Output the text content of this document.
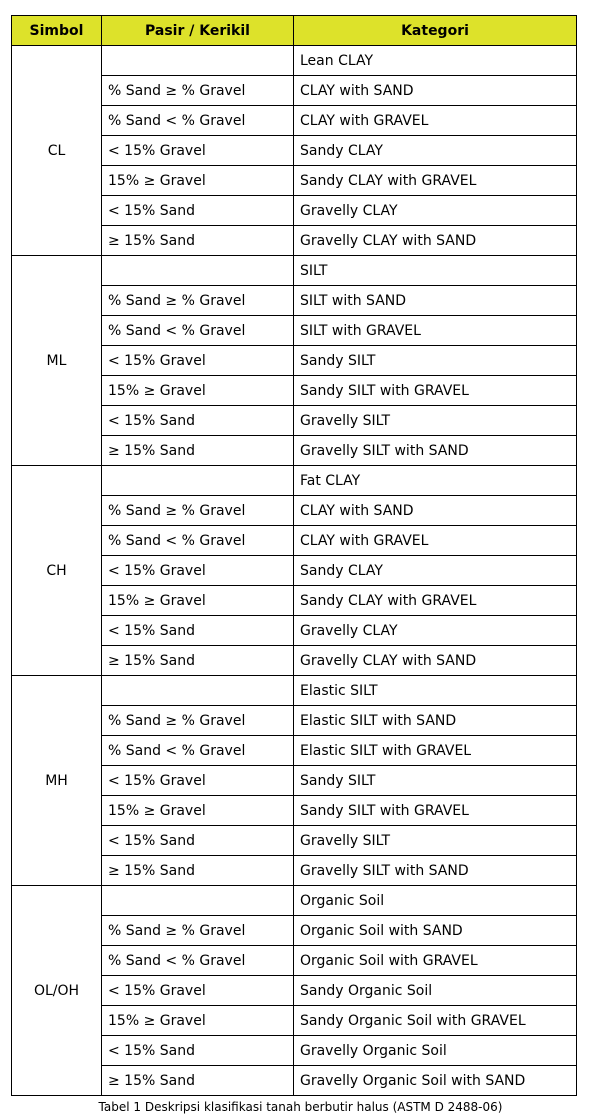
Simbol	Pasir / Kerikil	Kategori
CL		Lean CLAY
	% Sand ≥ % Gravel	CLAY with SAND
	% Sand < % Gravel	CLAY with GRAVEL
	< 15% Gravel	Sandy CLAY
	15% ≥ Gravel	Sandy CLAY with GRAVEL
	< 15% Sand	Gravelly CLAY
	≥ 15% Sand	Gravelly CLAY with SAND
ML		SILT
	% Sand ≥ % Gravel	SILT with SAND
	% Sand < % Gravel	SILT with GRAVEL
	< 15% Gravel	Sandy SILT
	15% ≥ Gravel	Sandy SILT with GRAVEL
	< 15% Sand	Gravelly SILT
	≥ 15% Sand	Gravelly SILT with SAND
CH		Fat CLAY
	% Sand ≥ % Gravel	CLAY with SAND
	% Sand < % Gravel	CLAY with GRAVEL
	< 15% Gravel	Sandy CLAY
	15% ≥ Gravel	Sandy CLAY with GRAVEL
	< 15% Sand	Gravelly CLAY
	≥ 15% Sand	Gravelly CLAY with SAND
MH		Elastic SILT
	% Sand ≥ % Gravel	Elastic SILT with SAND
	% Sand < % Gravel	Elastic SILT with GRAVEL
	< 15% Gravel	Sandy SILT
	15% ≥ Gravel	Sandy SILT with GRAVEL
	< 15% Sand	Gravelly SILT
	≥ 15% Sand	Gravelly SILT with SAND
OL/OH		Organic Soil
	% Sand ≥ % Gravel	Organic Soil with SAND
	% Sand < % Gravel	Organic Soil with GRAVEL
	< 15% Gravel	Sandy Organic Soil
	15% ≥ Gravel	Sandy Organic Soil with GRAVEL
	< 15% Sand	Gravelly Organic Soil
	≥ 15% Sand	Gravelly Organic Soil with SAND
Tabel 1 Deskripsi klasifikasi tanah berbutir halus (ASTM D 2488-06)
